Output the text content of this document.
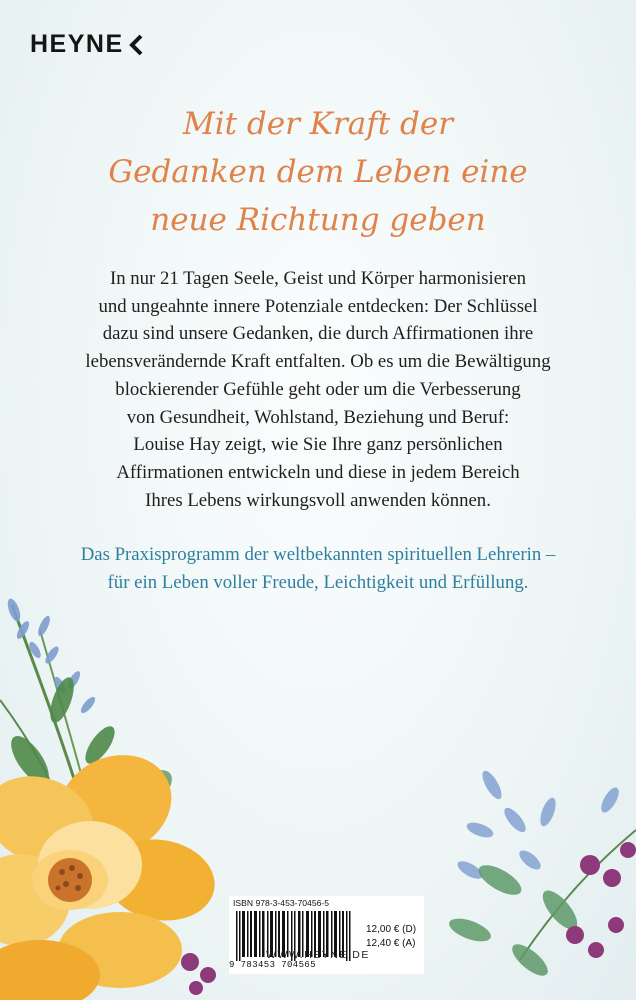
HEYNE
Mit der Kraft der
Gedanken dem Leben eine
neue Richtung geben
In nur 21 Tagen Seele, Geist und Körper harmonisieren
und ungeahnte innere Potenziale entdecken: Der Schlüssel
dazu sind unsere Gedanken, die durch Affirmationen ihre
lebensverändernde Kraft entfalten. Ob es um die Bewältigung
blockierender Gefühle geht oder um die Verbesserung
von Gesundheit, Wohlstand, Beziehung und Beruf:
Louise Hay zeigt, wie Sie Ihre ganz persönlichen
Affirmationen entwickeln und diese in jedem Bereich
Ihres Lebens wirkungsvoll anwenden können.
Das Praxisprogramm der weltbekannten spirituellen Lehrerin –
für ein Leben voller Freude, Leichtigkeit und Erfüllung.
ISBN 978-3-453-70456-5
9 783453 704565
12,00 € (D)
12,40 € (A)
WWW.HEYNE.DE
